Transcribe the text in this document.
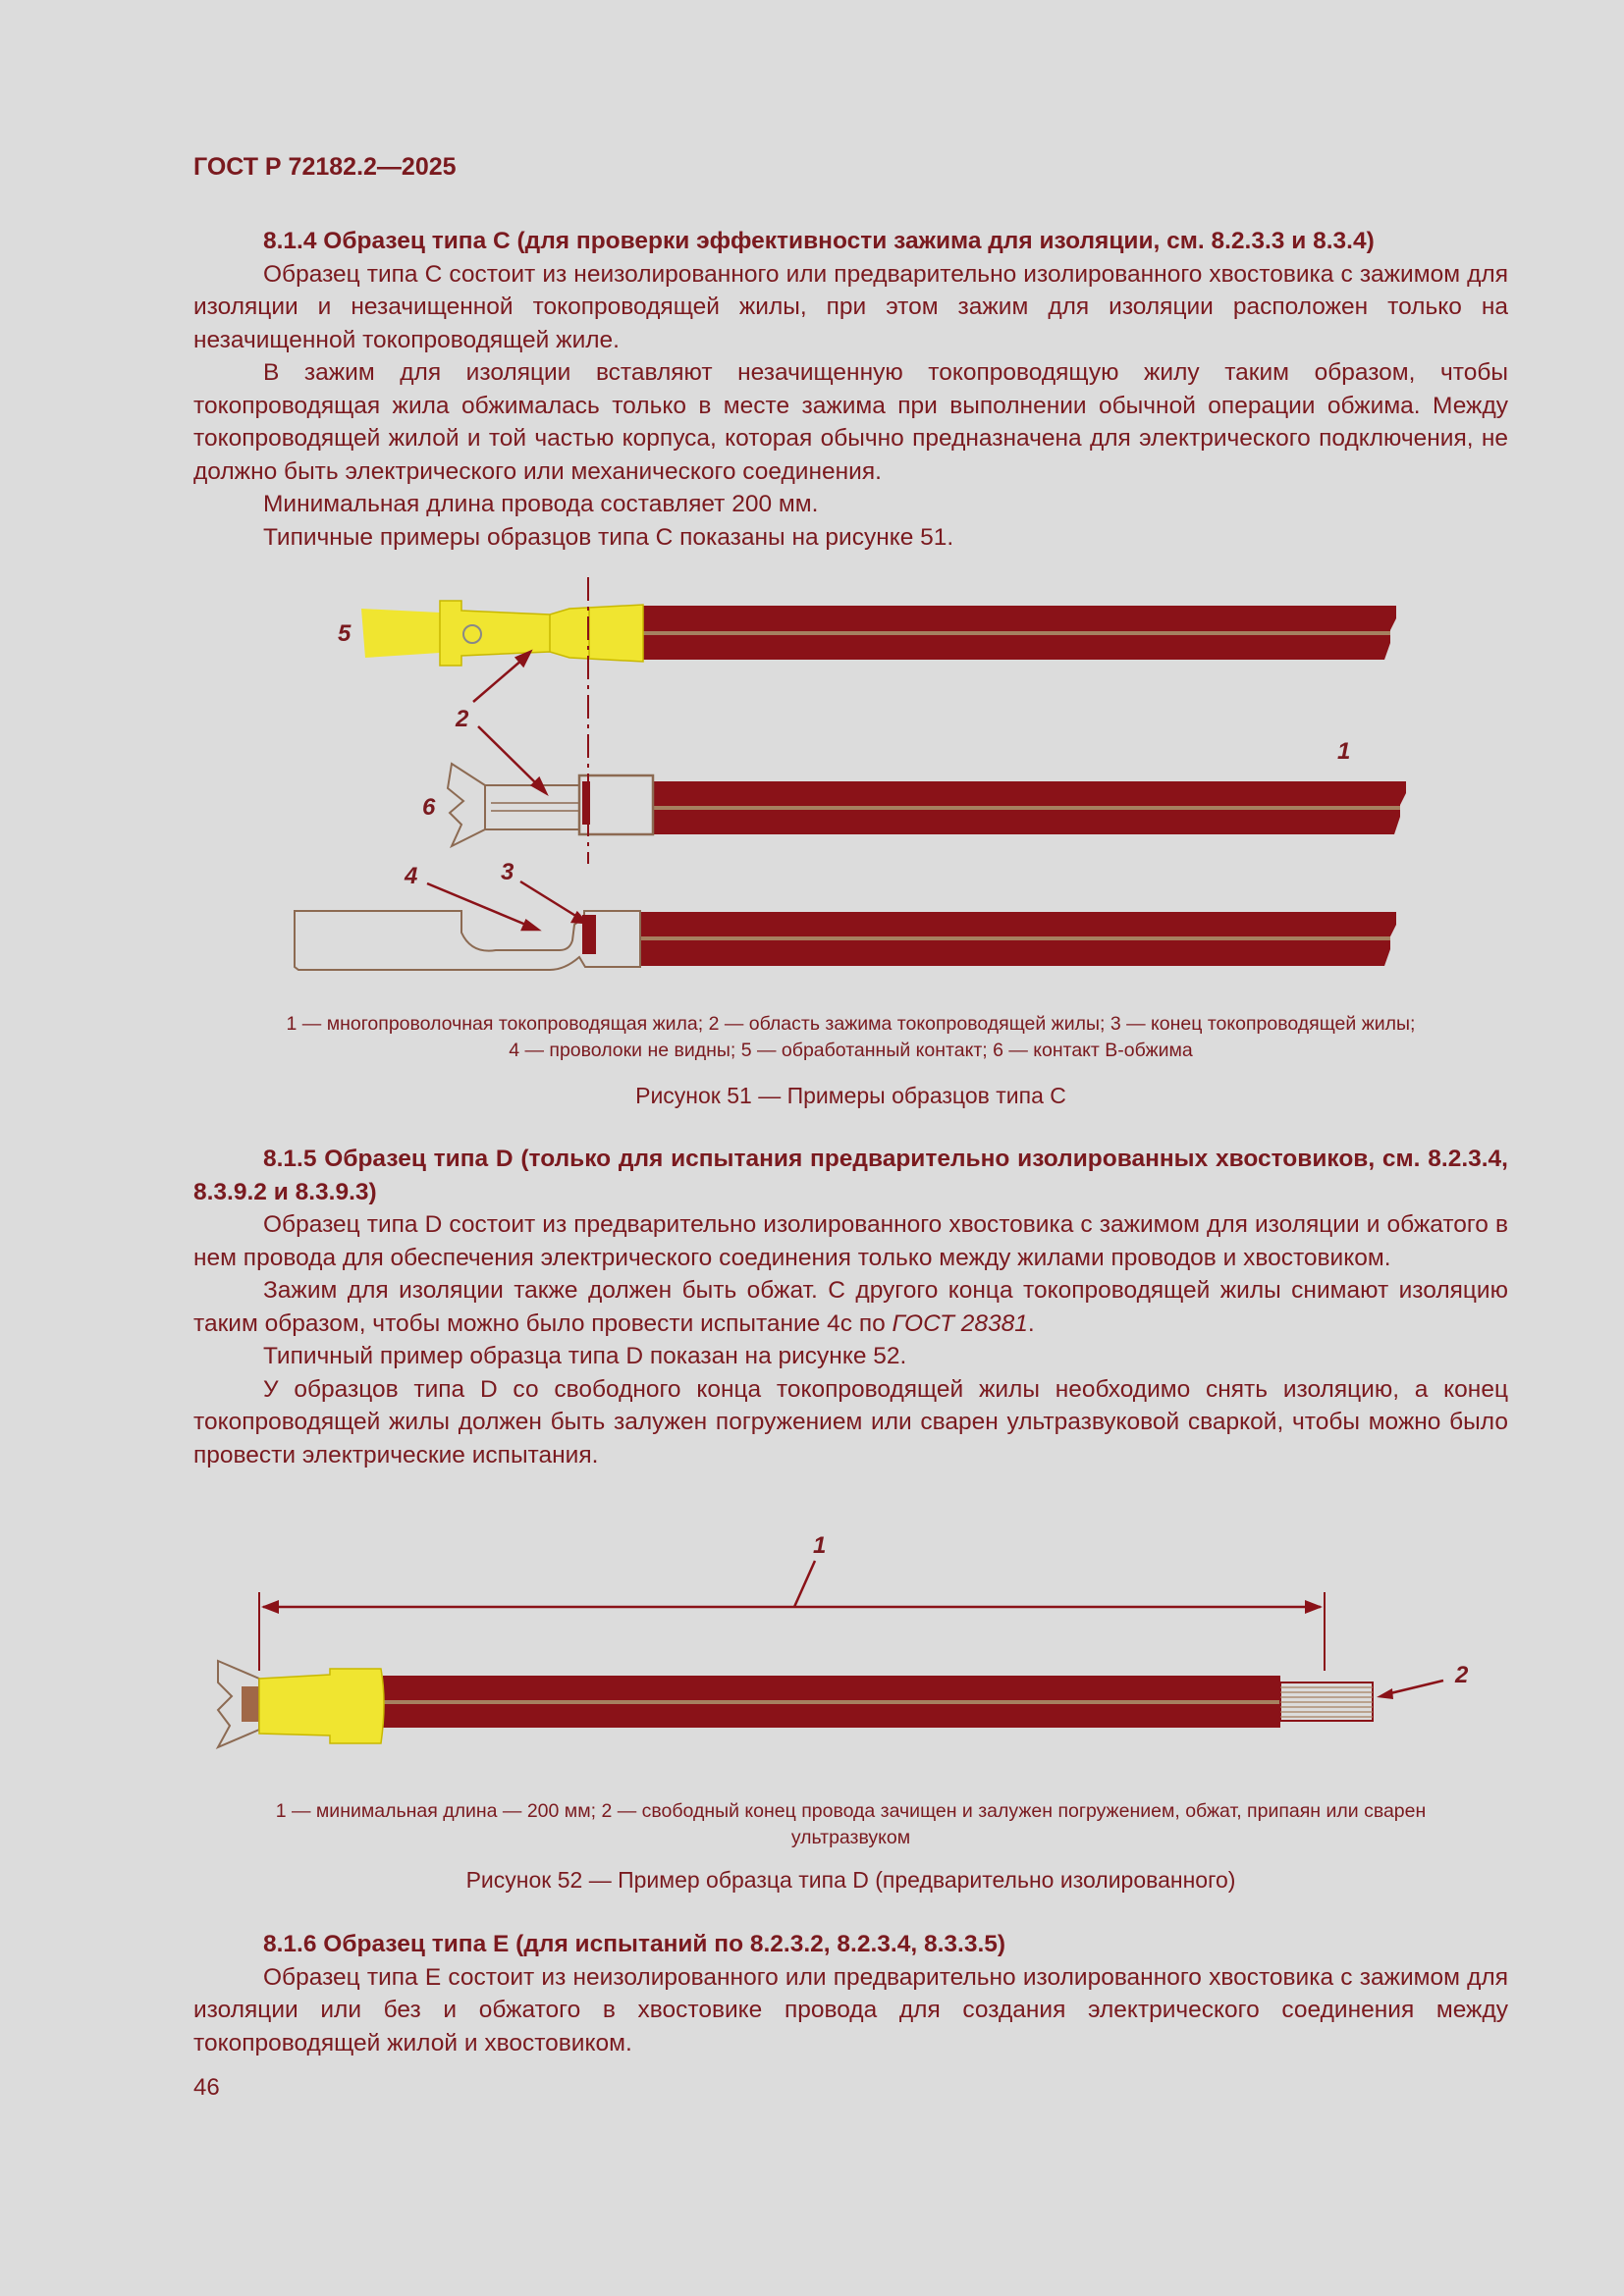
ГОСТ Р 72182.2—2025

8.1.4 Образец типа С (для проверки эффективности зажима для изоляции, см. 8.2.3.3 и 8.3.4)

Образец типа С состоит из неизолированного или предварительно изолированного хвостовика с зажимом для изоляции и незачищенной токопроводящей жилы, при этом зажим для изоляции расположен только на незачищенной токопроводящей жиле.

В зажим для изоляции вставляют незачищенную токопроводящую жилу таким образом, чтобы токопроводящая жила обжималась только в месте зажима при выполнении обычной операции обжима. Между токопроводящей жилой и той частью корпуса, которая обычно предназначена для электрического подключения, не должно быть электрического или механического соединения.

Минимальная длина провода составляет 200 мм.

Типичные примеры образцов типа С показаны на рисунке 51.

5
2
6
1
4	3
1
2
1 — многопроволочная токопроводящая жила; 2 — область зажима токопроводящей жилы; 3 — конец токопроводящей жилы;
4 — проволоки не видны; 5 — обработанный контакт; 6 — контакт B-обжима
Рисунок 51 — Примеры образцов типа С

8.1.5 Образец типа D (только для испытания предварительно изолированных хвостовиков, см. 8.2.3.4, 8.3.9.2 и 8.3.9.3)

Образец типа D состоит из предварительно изолированного хвостовика с зажимом для изоляции и обжатого в нем провода для обеспечения электрического соединения только между жилами проводов и хвостовиком.

Зажим для изоляции также должен быть обжат. С другого конца токопроводящей жилы снимают изоляцию таким образом, чтобы можно было провести испытание 4с по ГОСТ 28381.

Типичный пример образца типа D показан на рисунке 52.

У образцов типа D со свободного конца токопроводящей жилы необходимо снять изоляцию, а конец токопроводящей жилы должен быть залужен погружением или сварен ультразвуковой сваркой, чтобы можно было провести электрические испытания.

1 — минимальная длина — 200 мм; 2 — свободный конец провода зачищен и залужен погружением, обжат, припаян или сварен
ультразвуком
Рисунок 52 — Пример образца типа D (предварительно изолированного)

8.1.6 Образец типа Е (для испытаний по 8.2.3.2, 8.2.3.4, 8.3.3.5)

Образец типа Е состоит из неизолированного или предварительно изолированного хвостовика с зажимом для изоляции или без и обжатого в хвостовике провода для создания электрического соединения между токопроводящей жилой и хвостовиком.

46
